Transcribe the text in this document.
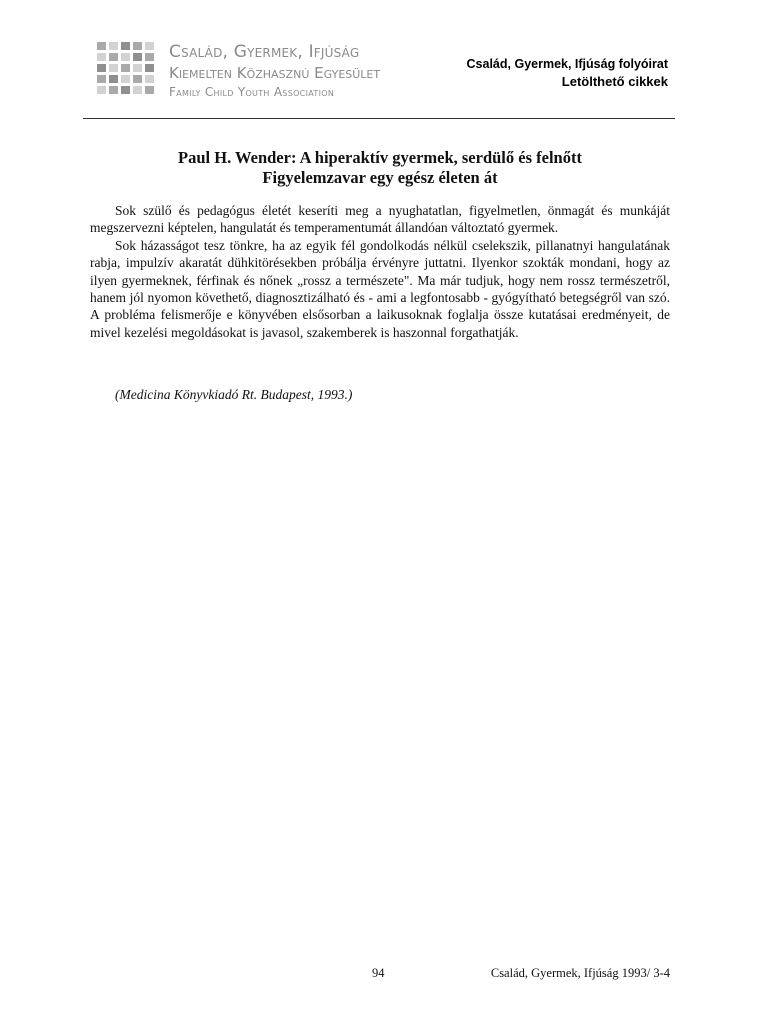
Család, Gyermek, Ifjúság
Kiemelten Közhasznú Egyesület
Family Child Youth Association
Család, Gyermek, Ifjúság folyóirat
Letölthető cikkek
Paul H. Wender: A hiperaktív gyermek, serdülő és felnőtt
Figyelemzavar egy egész életen át

Sok szülő és pedagógus életét keseríti meg a nyughatatlan, figyelmetlen, önmagát és munkáját megszervezni képtelen, hangulatát és temperamentumát állandóan változtató gyermek.

Sok házasságot tesz tönkre, ha az egyik fél gondolkodás nélkül cselekszik, pillanatnyi hangulatának rabja, impulzív akaratát dühkitörésekben próbálja érvényre juttatni. Ilyenkor szokták mondani, hogy az ilyen gyermeknek, férfinak és nőnek „rossz a természete". Ma már tudjuk, hogy nem rossz természetről, hanem jól nyomon követhető, diagnosztizálható és - ami a legfontosabb - gyógyítható betegségről van szó. A probléma felismerője e könyvében elsősorban a laikusoknak foglalja össze kutatásai eredményeit, de mivel kezelési megoldásokat is javasol, szakemberek is haszonnal forgathatják.

(Medicina Könyvkiadó Rt. Budapest, 1993.)
94	Család, Gyermek, Ifjúság 1993/ 3-4
